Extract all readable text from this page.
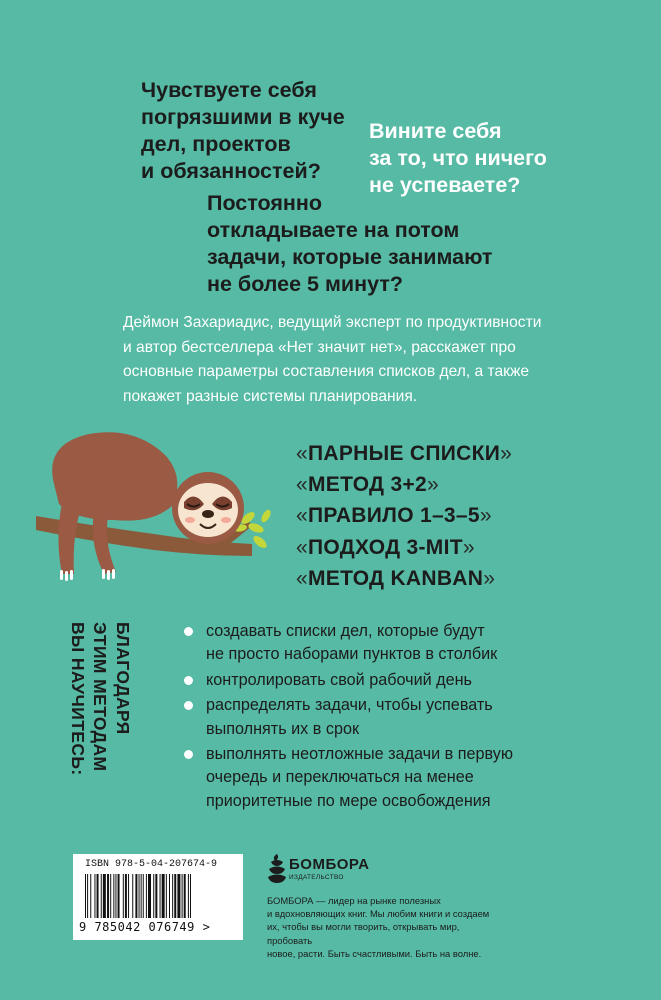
Чувствуете себя
погрязшими в куче
дел, проектов
и обязанностей?

Вините себя
за то, что ничего
не успеваете?

Постоянно
откладываете на потом
задачи, которые занимают
не более 5 минут?

Деймон Захариадис, ведущий эксперт по продуктивности
и автор бестселлера «Нет значит нет», расскажет про
основные параметры составления списков дел, а также
покажет разные системы планирования.

«ПАРНЫЕ СПИСКИ»
«МЕТОД 3+2»
«ПРАВИЛО 1–3–5»
«ПОДХОД 3-MIT»
«МЕТОД KANBAN»
БЛАГОДАРЯ
ЭТИМ МЕТОДАМ
ВЫ НАУЧИТЕСЬ:
создавать списки дел, которые будут
не просто наборами пунктов в столбик
контролировать свой рабочий день
распределять задачи, чтобы успевать
выполнять их в срок
выполнять неотложные задачи в первую
очередь и переключаться на менее
приоритетные по мере освобождения
ISBN 978-5-04-207674-9
9 785042 076749 >
БОМБОРА
ИЗДАТЕЛЬСТВО

БОМБОРА — лидер на рынке полезных
и вдохновляющих книг. Мы любим книги и создаем
их, чтобы вы могли творить, открывать мир, пробовать
новое, расти. Быть счастливыми. Быть на волне.
